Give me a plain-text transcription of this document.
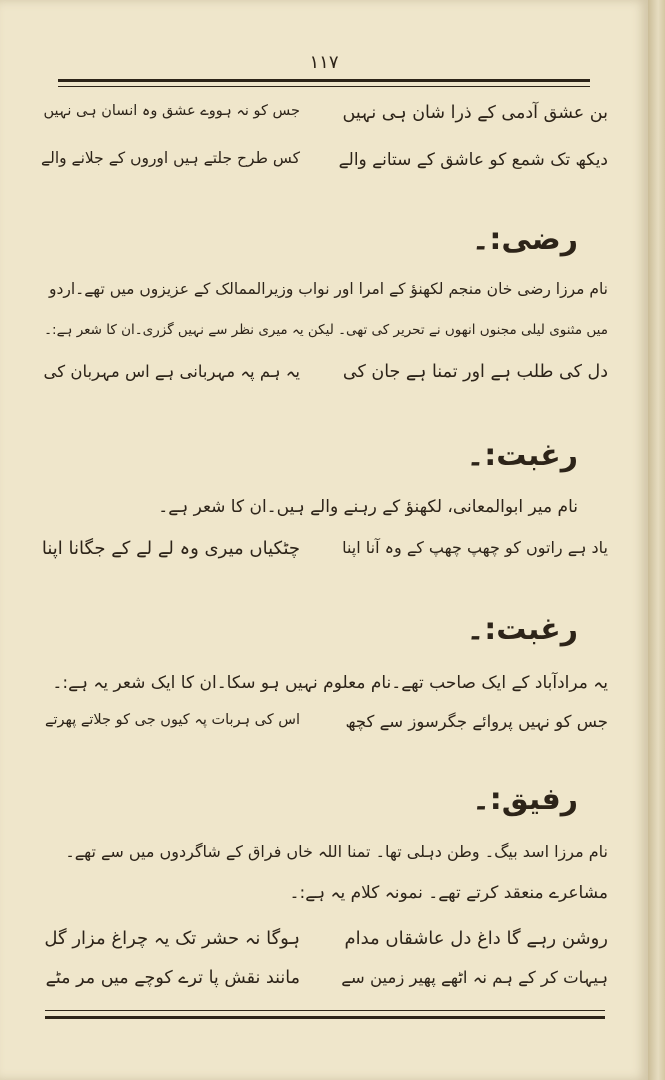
۱۱۷
بن عشق آدمی کے ذرا شان ہی نہیں
جس کو نہ ہووے عشق وہ انسان ہی نہیں
دیکھ تک شمع کو عاشق کے ستانے والے
کس طرح جلتے ہیں اوروں کے جلانے والے
رضی:۔
نام مرزا رضی خان منجم لکھنؤ کے امرا اور نواب وزیرالممالک کے عزیزوں میں تھے۔اردو
میں مثنوی لیلی مجنوں انھوں نے تحریر کی تھی۔ لیکن یہ میری نظر سے نہیں گزری۔ان کا شعر ہے:۔
دل کی طلب ہے اور تمنا ہے جان کی
یہ ہم پہ مہربانی ہے اس مہربان کی
رغبت:۔
نام میر ابوالمعانی، لکھنؤ کے رہنے والے ہیں۔ان کا شعر ہے۔
یاد ہے راتوں کو چھپ چھپ کے وہ آنا اپنا
چٹکیاں میری وہ لے لے کے جگانا اپنا
رغبت:۔
یہ مرادآباد کے ایک صاحب تھے۔نام معلوم نہیں ہو سکا۔ان کا ایک شعر یہ ہے:۔
جس کو نہیں پروائے جگرسوز سے کچھ
اس کی ہربات پہ کیوں جی کو جلاتے پھرتے
رفیق:۔
نام مرزا اسد بیگ۔ وطن دہلی تھا۔ تمنا اللہ خاں فراق کے شاگردوں میں سے تھے۔
مشاعرے منعقد کرتے تھے۔ نمونہ کلام یہ ہے:۔
روشن رہے گا داغ دل عاشقاں مدام
ہوگا نہ حشر تک یہ چراغ مزار گل
ہیہات کر کے ہم نہ اٹھے پھیر زمین سے
مانند نقش پا ترے کوچے میں مر مٹے
